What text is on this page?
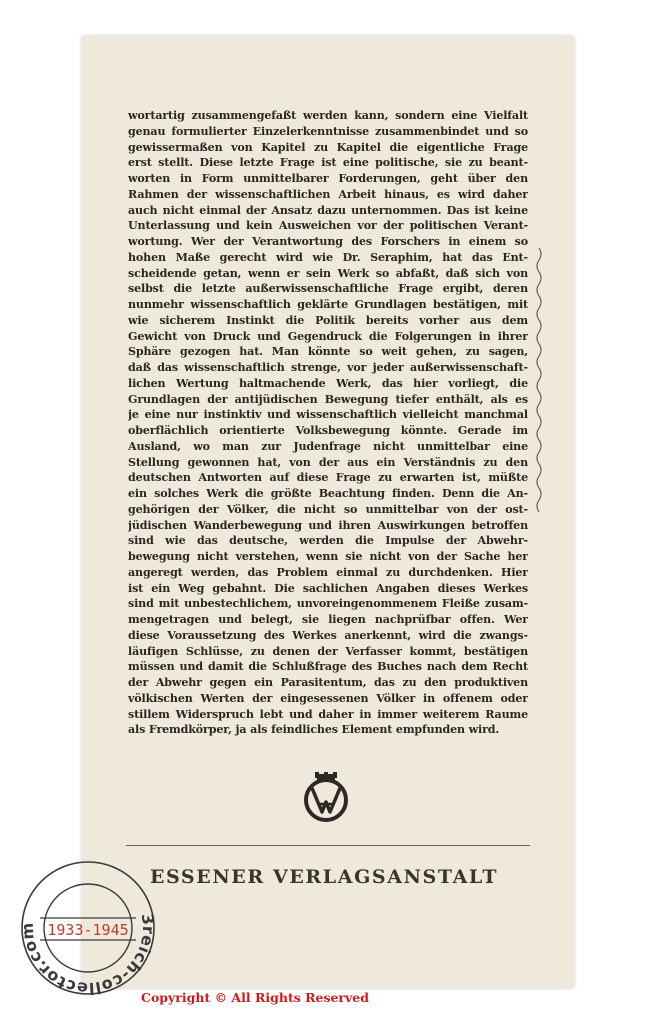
wortartig zusammengefaßt werden kann, sondern eine Vielfalt
genau formulierter Einzelerkenntnisse zusammenbindet und so
gewissermaßen von Kapitel zu Kapitel die eigentliche Frage
erst stellt. Diese letzte Frage ist eine politische, sie zu beant-
worten in Form unmittelbarer Forderungen, geht über den
Rahmen der wissenschaftlichen Arbeit hinaus, es wird daher
auch nicht einmal der Ansatz dazu unternommen. Das ist keine
Unterlassung und kein Ausweichen vor der politischen Verant-
wortung. Wer der Verantwortung des Forschers in einem so
hohen Maße gerecht wird wie Dr. Seraphim, hat das Ent-
scheidende getan, wenn er sein Werk so abfaßt, daß sich von
selbst die letzte außerwissenschaftliche Frage ergibt, deren
nunmehr wissenschaftlich geklärte Grundlagen bestätigen, mit
wie sicherem Instinkt die Politik bereits vorher aus dem
Gewicht von Druck und Gegendruck die Folgerungen in ihrer
Sphäre gezogen hat. Man könnte so weit gehen, zu sagen,
daß das wissenschaftlich strenge, vor jeder außerwissenschaft-
lichen Wertung haltmachende Werk, das hier vorliegt, die
Grundlagen der antijüdischen Bewegung tiefer enthält, als es
je eine nur instinktiv und wissenschaftlich vielleicht manchmal
oberflächlich orientierte Volksbewegung könnte. Gerade im
Ausland, wo man zur Judenfrage nicht unmittelbar eine
Stellung gewonnen hat, von der aus ein Verständnis zu den
deutschen Antworten auf diese Frage zu erwarten ist, müßte
ein solches Werk die größte Beachtung finden. Denn die An-
gehörigen der Völker, die nicht so unmittelbar von der ost-
jüdischen Wanderbewegung und ihren Auswirkungen betroffen
sind wie das deutsche, werden die Impulse der Abwehr-
bewegung nicht verstehen, wenn sie nicht von der Sache her
angeregt werden, das Problem einmal zu durchdenken. Hier
ist ein Weg gebahnt. Die sachlichen Angaben dieses Werkes
sind mit unbestechlichem, unvoreingenommenem Fleiße zusam-
mengetragen und belegt, sie liegen nachprüfbar offen. Wer
diese Voraussetzung des Werkes anerkennt, wird die zwangs-
läufigen Schlüsse, zu denen der Verfasser kommt, bestätigen
müssen und damit die Schlußfrage des Buches nach dem Recht
der Abwehr gegen ein Parasitentum, das zu den produktiven
völkischen Werten der eingesessenen Völker in offenem oder
stillem Widerspruch lebt und daher in immer weiterem Raume
als Fremdkörper, ja als feindliches Element empfunden wird.
ESSENER VERLAGSANSTALT
3reich-collector.com 1933-1945
Copyright © All Rights Reserved
